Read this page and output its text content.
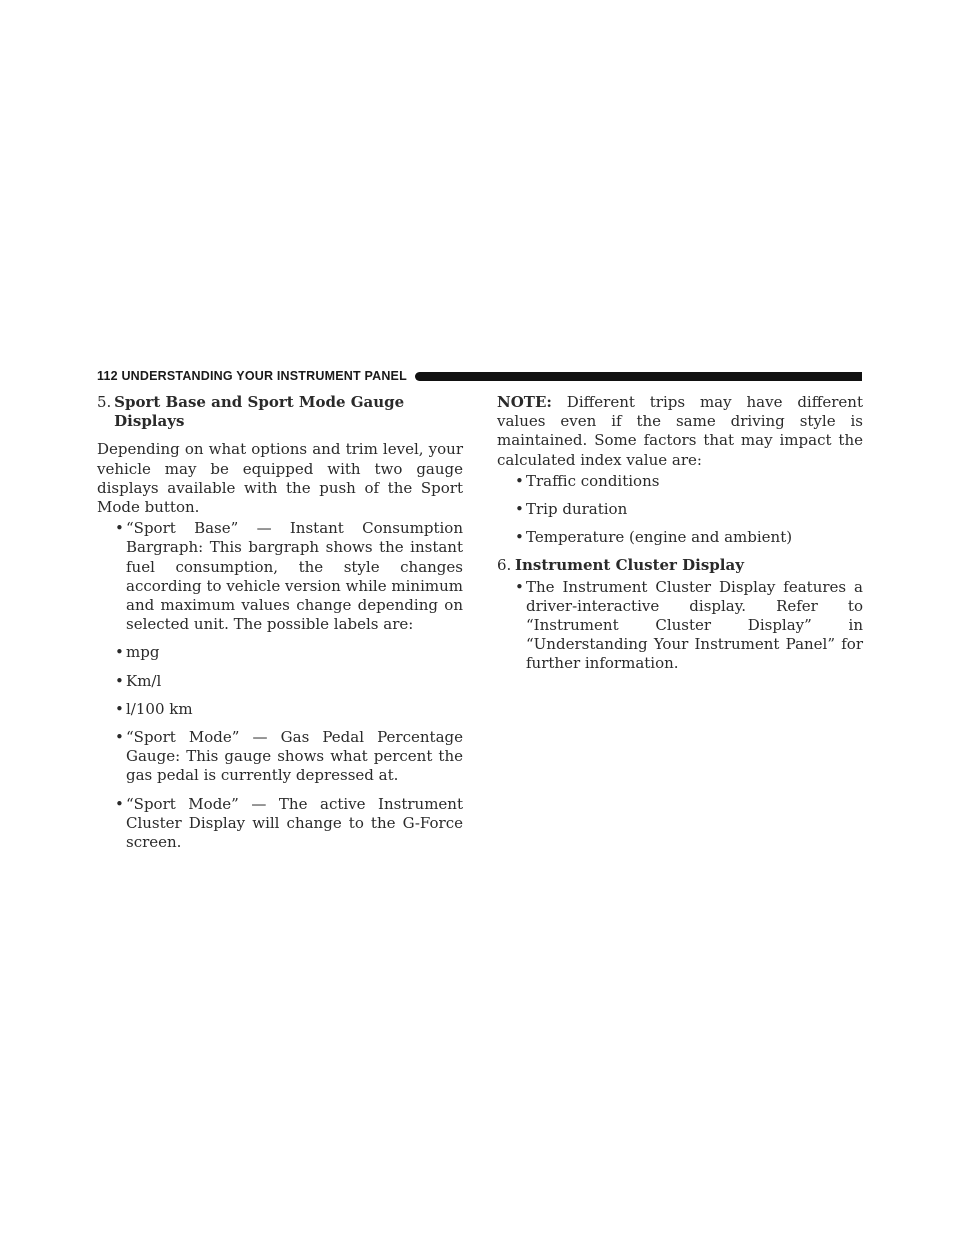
112 UNDERSTANDING YOUR INSTRUMENT PANEL
5. Sport Base and Sport Mode Gauge Displays

Depending on what options and trim level, your vehicle may be equipped with two gauge displays available with the push of the Sport Mode button.

• “Sport Base” — Instant Consumption Bargraph: This bargraph shows the instant fuel consumption, the style changes according to vehicle version while minimum and maximum values change depending on selected unit. The possible labels are:
• mpg
• Km/l
• l/100 km
• “Sport Mode” — Gas Pedal Percentage Gauge: This gauge shows what percent the gas pedal is currently depressed at.
• “Sport Mode” — The active Instrument Cluster Display will change to the G-Force screen.

NOTE: Different trips may have different values even if the same driving style is maintained. Some factors that may impact the calculated index value are:

• Traffic conditions
• Trip duration
• Temperature (engine and ambient)
6. Instrument Cluster Display
• The Instrument Cluster Display features a driver-interactive display. Refer to “Instrument Cluster Display” in “Understanding Your Instrument Panel” for further information.
